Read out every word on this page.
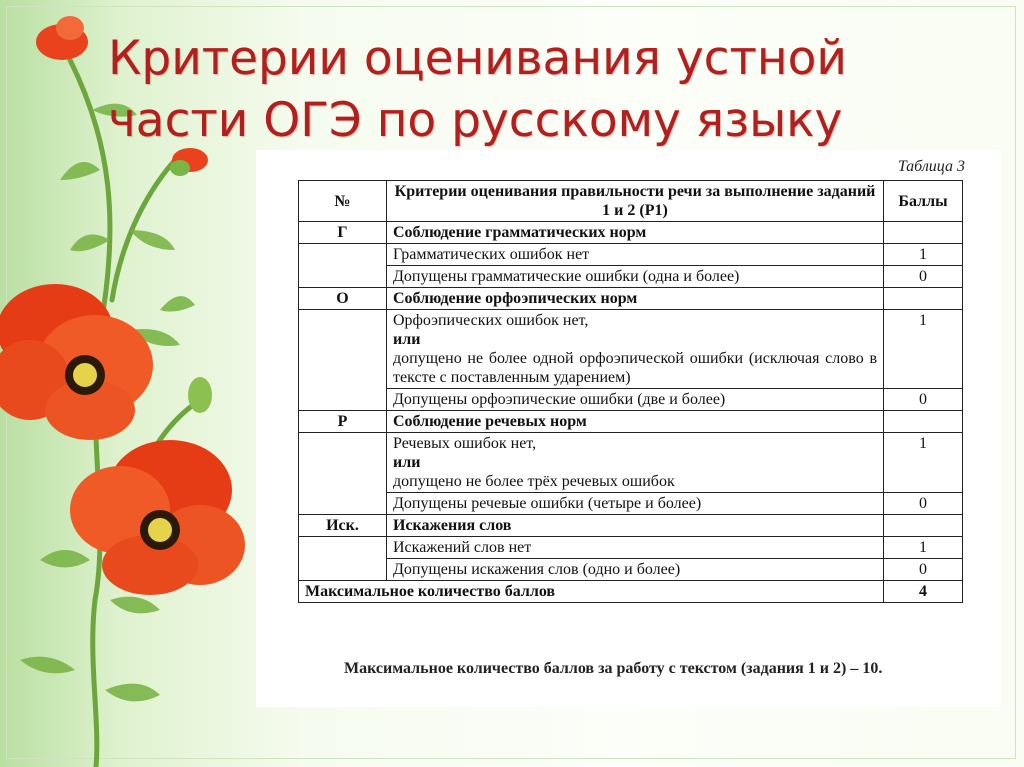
Критерии оценивания устной части ОГЭ по русскому языку
Таблица 3
№	Критерии оценивания правильности речи за выполнение заданий 1 и 2 (Р1)	Баллы
Г	Соблюдение грамматических норм	
	Грамматических ошибок нет	1
	Допущены грамматические ошибки (одна и более)	0
О	Соблюдение орфоэпических норм	

	Орфоэпических ошибок нет,
или
допущено не более одной орфоэпической ошибки (исключая слово в тексте с поставленным ударением)	1
	Допущены орфоэпические ошибки (две и более)	0
Р	Соблюдение речевых норм	

	Речевых ошибок нет,
или
допущено не более трёх речевых ошибок	1
	Допущены речевые ошибки (четыре и более)	0
Иск.	Искажения слов	
	Искажений слов нет	1
	Допущены искажения слов (одно и более)	0
Максимальное количество баллов		4
Максимальное количество баллов за работу с текстом (задания 1 и 2) – 10.
